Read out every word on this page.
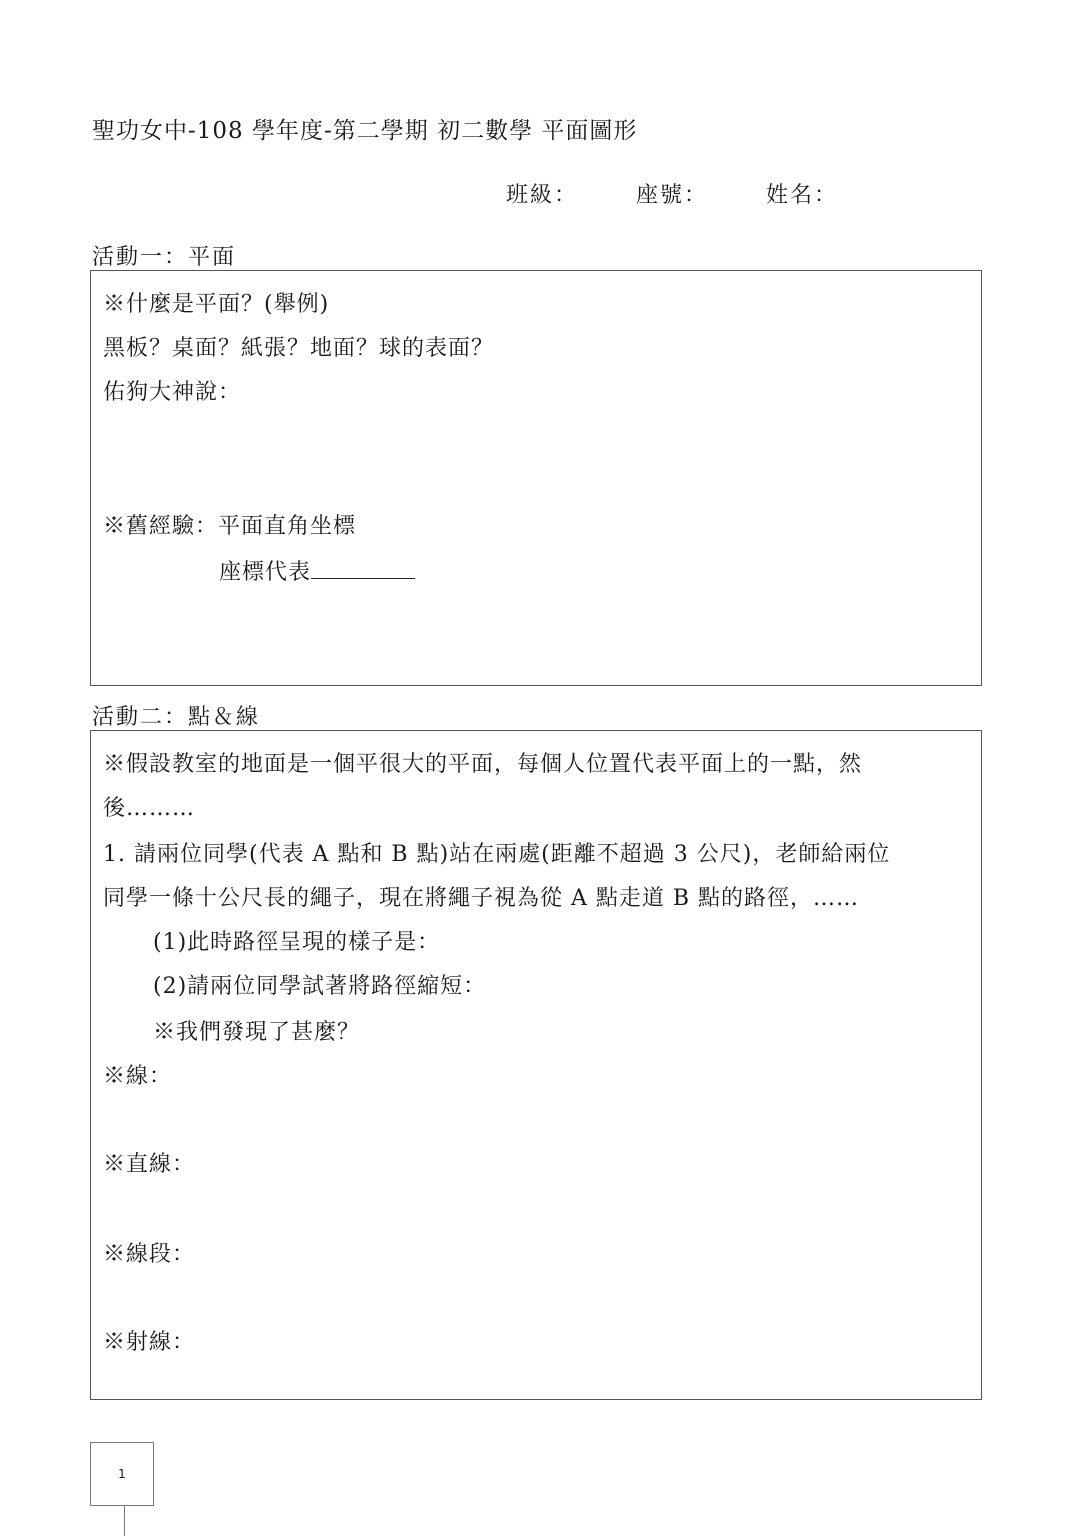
聖功女中-108 學年度-第二學期 初二數學 平面圖形
班級：	座號：	姓名：
活動一：平面
※什麼是平面？(舉例)
黑板？桌面？紙張？地面？球的表面？
佑狗大神說：
※舊經驗：平面直角坐標
座標代表
活動二：點＆線
※假設教室的地面是一個平很大的平面，每個人位置代表平面上的一點，然
後………
1. 請兩位同學(代表 A 點和 B 點)站在兩處(距離不超過 3 公尺)，老師給兩位
同學一條十公尺長的繩子，現在將繩子視為從 A 點走道 B 點的路徑，……
(1)此時路徑呈現的樣子是：
(2)請兩位同學試著將路徑縮短：
※我們發現了甚麼？
※線：
※直線：
※線段：
※射線：
1
